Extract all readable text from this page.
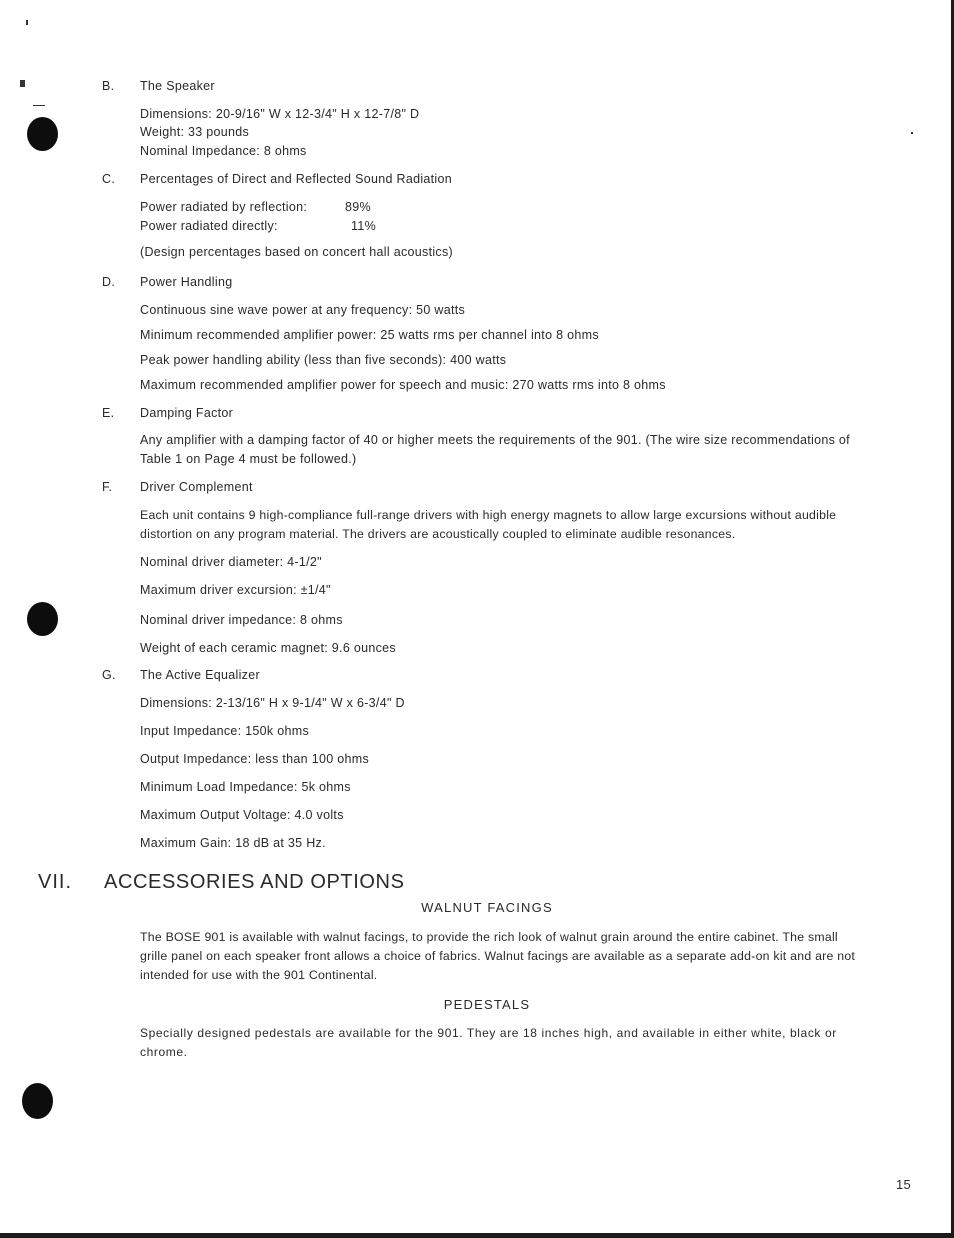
B. The Speaker
Dimensions: 20-9/16" W x 12-3/4" H x 12-7/8" D
Weight: 33 pounds
Nominal Impedance: 8 ohms
C. Percentages of Direct and Reflected Sound Radiation
Power radiated by reflection:	89%
Power radiated directly:	11%
(Design percentages based on concert hall acoustics)
D. Power Handling
Continuous sine wave power at any frequency: 50 watts
Minimum recommended amplifier power: 25 watts rms per channel into 8 ohms
Peak power handling ability (less than five seconds): 400 watts
Maximum recommended amplifier power for speech and music: 270 watts rms into 8 ohms
E. Damping Factor
Any amplifier with a damping factor of 40 or higher meets the requirements of the 901. (The wire size recommendations of Table 1 on Page 4 must be followed.)
F. Driver Complement
Each unit contains 9 high-compliance full-range drivers with high energy magnets to allow large excursions without audible distortion on any program material. The drivers are acoustically coupled to eliminate audible resonances.
Nominal driver diameter: 4-1/2"
Maximum driver excursion: ±1/4"
Nominal driver impedance: 8 ohms
Weight of each ceramic magnet: 9.6 ounces
G. The Active Equalizer
Dimensions: 2-13/16" H x 9-1/4" W x 6-3/4" D
Input Impedance: 150k ohms
Output Impedance: less than 100 ohms
Minimum Load Impedance: 5k ohms
Maximum Output Voltage: 4.0 volts
Maximum Gain: 18 dB at 35 Hz.
VII. ACCESSORIES AND OPTIONS
WALNUT FACINGS
The BOSE 901 is available with walnut facings, to provide the rich look of walnut grain around the entire cabinet. The small grille panel on each speaker front allows a choice of fabrics. Walnut facings are available as a separate add-on kit and are not intended for use with the 901 Continental.
PEDESTALS
Specially designed pedestals are available for the 901. They are 18 inches high, and available in either white, black or chrome.
15
